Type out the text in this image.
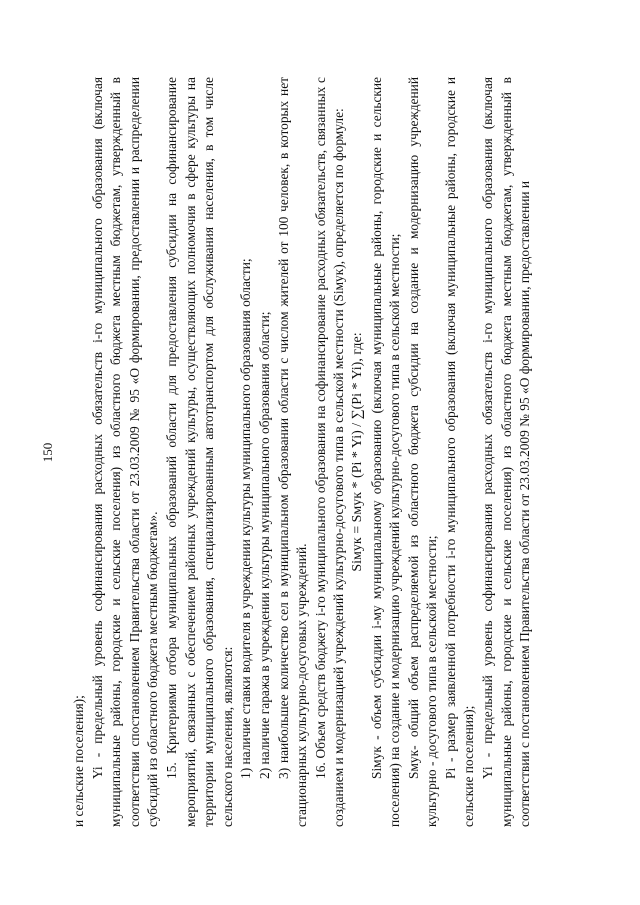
150

и сельские поселения); Yi - предельный уровень софинансирования расходных обязательств i-го муниципального образования (включая муниципальные районы, городские и сельские поселения) из областного бюджета местным бюджетам, утвержденный в соответствии спостановлением Правительства области от 23.03.2009 № 95 «О формировании, предоставлении и распределении субсидий из областного бюджета местным бюджетам». 15. Критериями отбора муниципальных образований области для предоставления субсидии на софинансирование мероприятий, связанных с обеспечением районных учреждений культуры, осуществляющих полномочия в сфере культуры на территории муниципального образования, специализированным автотранспортом для обслуживания населения, в том числе сельского населения, являются: 1) наличие ставки водителя в учреждении культуры муниципального образования области; 2) наличие гаража в учреждении культуры муниципального образования области; 3) наибольшее количество сел в муниципальном образовании области с числом жителей от 100 человек, в которых нет стационарных культурно-досуговых учреждений. 16. Объем средств бюджету i-го муниципального образования на софинансирование расходных обязательств, связанных с созданием и модернизацией учреждений культурно-досугового типа в сельской местности (Siмук), определяется по формуле: Siмук = Sмук * (Pi * Yi) / ∑(Pi * Yi), где: Siмук - объем субсидии i-му муниципальному образованию (включая муниципальные районы, городские и сельские поселения) на создание и модернизацию учреждений культурно-досугового типа в сельской местности; Sмук- общий объем распределяемой из областного бюджета субсидии на создание и модернизацию учреждений культурно - досугового типа в сельской местности; Pi - размер заявленной потребности i-го муниципального образования (включая муниципальные районы, городские и сельские поселения); Yi - предельный уровень софинансирования расходных обязательств i-го муниципального образования (включая муниципальные районы, городские и сельские поселения) из областного бюджета местным бюджетам, утвержденный в соответствии с постановлением Правительства области от 23.03.2009 № 95 «О формировании, предоставлении и
